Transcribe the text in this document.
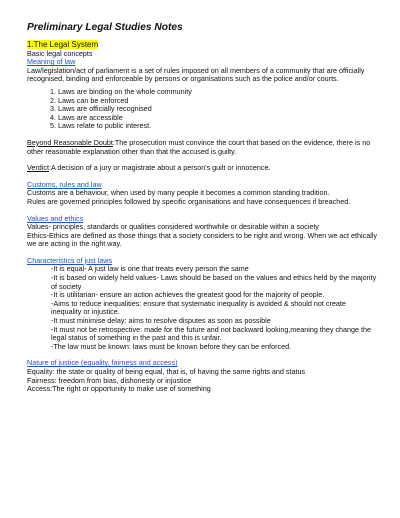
Preliminary Legal Studies Notes
1.The Legal System
Basic legal concepts
Meaning of law

Law/legislation/act of parliament is a set of rules imposed on all members of a community that are officially recognised, binding and enforceable by persons or organisations such as the police and/or courts.

1. Laws are binding on the whole community
2. Laws can be enforced
3. Laws are officially recognised
4. Laws are accessible
5. Laws relate to public interest.

Beyond Reasonable Doubt:The prosecution must convince the court that based on the evidence, there is no other reasonable explanation other than that the accused is guilty.

Verdict:A decision of a jury or magistrate about a person's guilt or innocence.

Customs, rules and law

Customs are a behaviour, when used by many people it becomes a common standing tradition.

Rules are governed principles followed by specific organisations and have consequences if breached.

Values and ethics

Values- principles, standards or qualities considered worthwhile or desirable within a society

Ethics-Ethics are defined as those things that a society considers to be right and wrong. When we act ethically we are acting in the right way.

Characteristics of just laws

-It is equal- A just law is one that treats every person the same

-It is based on widely held values- Laws should be based on the values and ethics held by the majority of society

-It is utilitarian- ensure an action achieves the greatest good for the majority of people.

-Aims to reduce inequalities: ensure that systematic inequality is avoided & should not create inequality or injustice.

-It must minimise delay: aims to resolve disputes as soon as possible

-It must not be retrospective: made for the future and not backward looking,meaning they change the legal status of something in the past and this is unfair.

-The law must be known: laws must be known before they can be enforced.

Nature of justice (equality, fairness and access)

Equality: the state or quality of being equal, that is, of having the same rights and status

Fairness: freedom from bias, dishonesty or injustice

Access:The right or opportunity to make use of something
